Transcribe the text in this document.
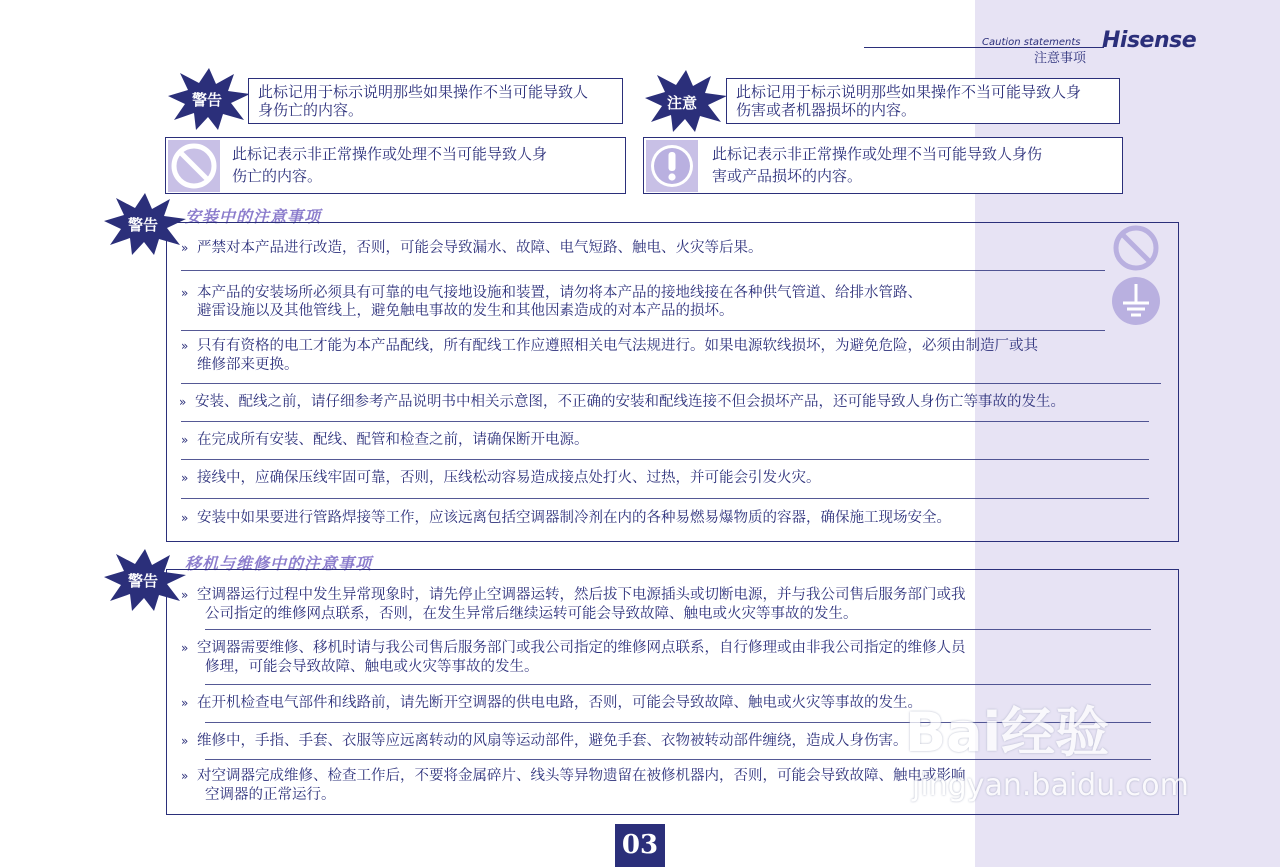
Caution statements
注意事项
Hisense
警告 此标记用于标示说明那些如果操作不当可能导致人
身伤亡的内容。	注意
此标记用于标示说明那些如果操作不当可能导致人身
伤害或者机器损坏的内容。
此标记表示非正常操作或处理不当可能导致人身
伤亡的内容。
此标记表示非正常操作或处理不当可能导致人身伤
害或产品损坏的内容。
警告 安装中的注意事项
» 严禁对本产品进行改造，否则，可能会导致漏水、故障、电气短路、触电、火灾等后果。
» 本产品的安装场所必须具有可靠的电气接地设施和装置，请勿将本产品的接地线接在各种供气管道、给排水管路、
避雷设施以及其他管线上，避免触电事故的发生和其他因素造成的对本产品的损坏。
» 只有有资格的电工才能为本产品配线，所有配线工作应遵照相关电气法规进行。如果电源软线损坏，为避免危险，必须由制造厂或其
维修部来更换。
» 安装、配线之前，请仔细参考产品说明书中相关示意图，不正确的安装和配线连接不但会损坏产品，还可能导致人身伤亡等事故的发生。
» 在完成所有安装、配线、配管和检查之前，请确保断开电源。
» 接线中，应确保压线牢固可靠，否则，压线松动容易造成接点处打火、过热，并可能会引发火灾。
» 安装中如果要进行管路焊接等工作，应该远离包括空调器制冷剂在内的各种易燃易爆物质的容器，确保施工现场安全。
警告
移机与维修中的注意事项
» 空调器运行过程中发生异常现象时，请先停止空调器运转，然后拔下电源插头或切断电源，并与我公司售后服务部门或我
公司指定的维修网点联系，否则，在发生异常后继续运转可能会导致故障、触电或火灾等事故的发生。
» 空调器需要维修、移机时请与我公司售后服务部门或我公司指定的维修网点联系，自行修理或由非我公司指定的维修人员
修理，可能会导致故障、触电或火灾等事故的发生。
» 在开机检查电气部件和线路前，请先断开空调器的供电电路，否则，可能会导致故障、触电或火灾等事故的发生。
» 维修中，手指、手套、衣服等应远离转动的风扇等运动部件，避免手套、衣物被转动部件缠绕，造成人身伤害。
» 对空调器完成维修、检查工作后，不要将金属碎片、线头等异物遗留在被修机器内，否则，可能会导致故障、触电或影响
空调器的正常运行。
Bai经验
jingyan.baidu.com
03
